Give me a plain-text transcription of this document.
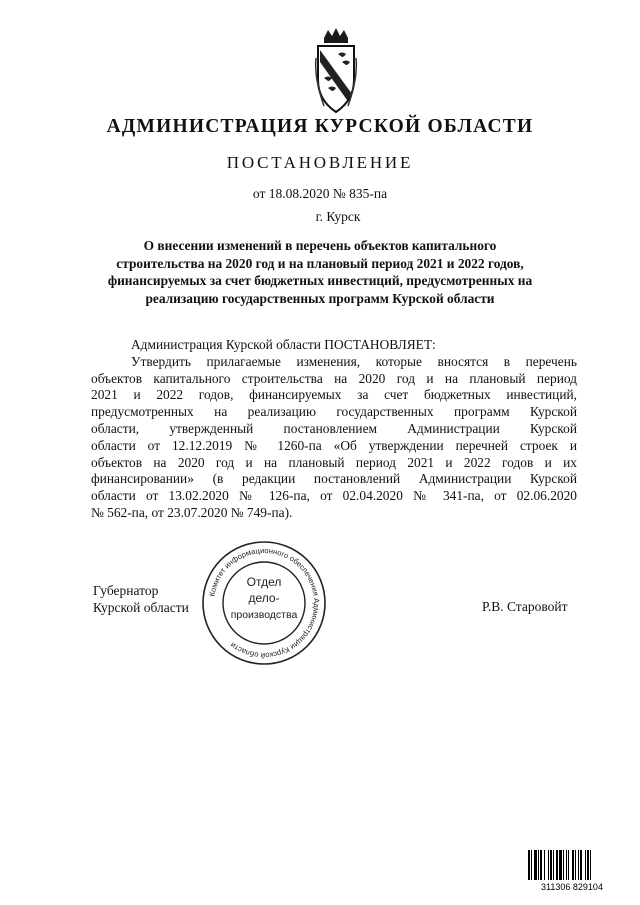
АДМИНИСТРАЦИЯ КУРСКОЙ ОБЛАСТИ
ПОСТАНОВЛЕНИЕ
от 18.08.2020 № 835-па
г. Курск
О внесении изменений в перечень объектов капитального
строительства на 2020 год и на плановый период 2021 и 2022 годов,
финансируемых за счет бюджетных инвестиций, предусмотренных на
реализацию государственных программ Курской области
Администрация Курской области ПОСТАНОВЛЯЕТ:
Утвердить прилагаемые изменения, которые вносятся в перечень
объектов капитального строительства на 2020 год и на плановый период
2021 и 2022 годов, финансируемых за счет бюджетных инвестиций,
предусмотренных на реализацию государственных программ Курской
области, утвержденный постановлением Администрации Курской
области от 12.12.2019 № 1260-па «Об утверждении перечней строек и
объектов на 2020 год и на плановый период 2021 и 2022 годов и их
финансировании» (в редакции постановлений Администрации Курской
области от 13.02.2020 № 126-па, от 02.04.2020 № 341-па, от 02.06.2020
№ 562-па, от 23.07.2020 № 749-па).
Губернатор
Курской области	Р.В. Старовойт
Комитет информационного обеспечения Администрации Курской области
Отдел
дело-
производства
311306 829104
